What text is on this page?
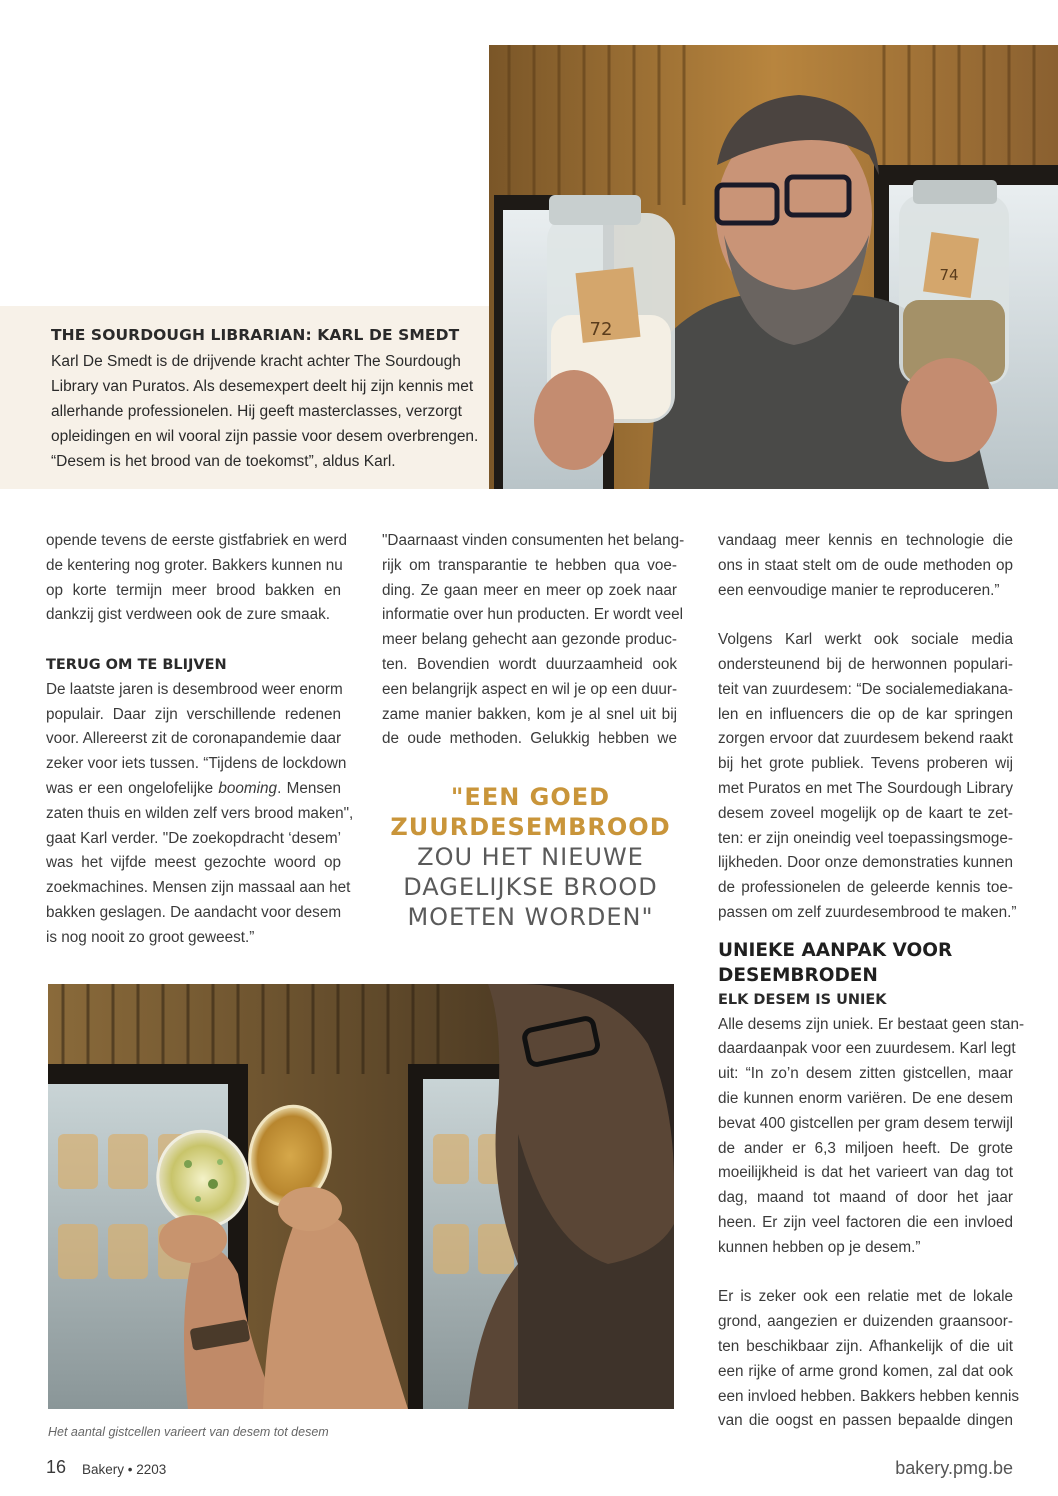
72
74
THE SOURDOUGH LIBRARIAN: KARL DE SMEDT

Karl De Smedt is de drijvende kracht achter The Sourdough
Library van Puratos. Als desemexpert deelt hij zijn kennis met
allerhande professionelen. Hij geeft masterclasses, verzorgt
opleidingen en wil vooral zijn passie voor desem overbrengen.
“Desem is het brood van de toekomst”, aldus Karl.

opende tevens de eerste gistfabriek en werd
de kentering nog groter. Bakkers kunnen nu
op korte termijn meer brood bakken en
dankzij gist verdween ook de zure smaak.

TERUG OM TE BLIJVEN

De laatste jaren is desembrood weer enorm
populair. Daar zijn verschillende redenen
voor. Allereerst zit de coronapandemie daar
zeker voor iets tussen. “Tijdens de lockdown
was er een ongelofelijke booming. Mensen
zaten thuis en wilden zelf vers brood maken",
gaat Karl verder. "De zoekopdracht ‘desem’
was het vijfde meest gezochte woord op
zoekmachines. Mensen zijn massaal aan het
bakken geslagen. De aandacht voor desem
is nog nooit zo groot geweest.”

"Daarnaast vinden consumenten het belang-
rijk om transparantie te hebben qua voe-
ding. Ze gaan meer en meer op zoek naar
informatie over hun producten. Er wordt veel
meer belang gehecht aan gezonde produc-
ten. Bovendien wordt duurzaamheid ook
een belangrijk aspect en wil je op een duur-
zame manier bakken, kom je al snel uit bij
de oude methoden. Gelukkig hebben we

"EEN GOED
ZUURDESEMBROOD
ZOU HET NIEUWE
DAGELIJKSE BROOD
MOETEN WORDEN"

vandaag meer kennis en technologie die
ons in staat stelt om de oude methoden op
een eenvoudige manier te reproduceren.”

Volgens Karl werkt ook sociale media
ondersteunend bij de herwonnen populari-
teit van zuurdesem: “De socialemediakana-
len en influencers die op de kar springen
zorgen ervoor dat zuurdesem bekend raakt
bij het grote publiek. Tevens proberen wij
met Puratos en met The Sourdough Library
desem zoveel mogelijk op de kaart te zet-
ten: er zijn oneindig veel toepassingsmoge-
lijkheden. Door onze demonstraties kunnen
de professionelen de geleerde kennis toe-
passen om zelf zuurdesembrood te maken.”

UNIEKE AANPAK VOOR
DESEMBRODEN
ELK DESEM IS UNIEK

Alle desems zijn uniek. Er bestaat geen stan-
daardaanpak voor een zuurdesem. Karl legt
uit: “In zo’n desem zitten gistcellen, maar
die kunnen enorm variëren. De ene desem
bevat 400 gistcellen per gram desem terwijl
de ander er 6,3 miljoen heeft. De grote
moeilijkheid is dat het varieert van dag tot
dag, maand tot maand of door het jaar
heen. Er zijn veel factoren die een invloed
kunnen hebben op je desem.”

Er is zeker ook een relatie met de lokale
grond, aangezien er duizenden graansoor-
ten beschikbaar zijn. Afhankelijk of die uit
een rijke of arme grond komen, zal dat ook
een invloed hebben. Bakkers hebben kennis
van die oogst en passen bepaalde dingen

Het aantal gistcellen varieert van desem tot desem
16 Bakery • 2203	bakery.pmg.be
